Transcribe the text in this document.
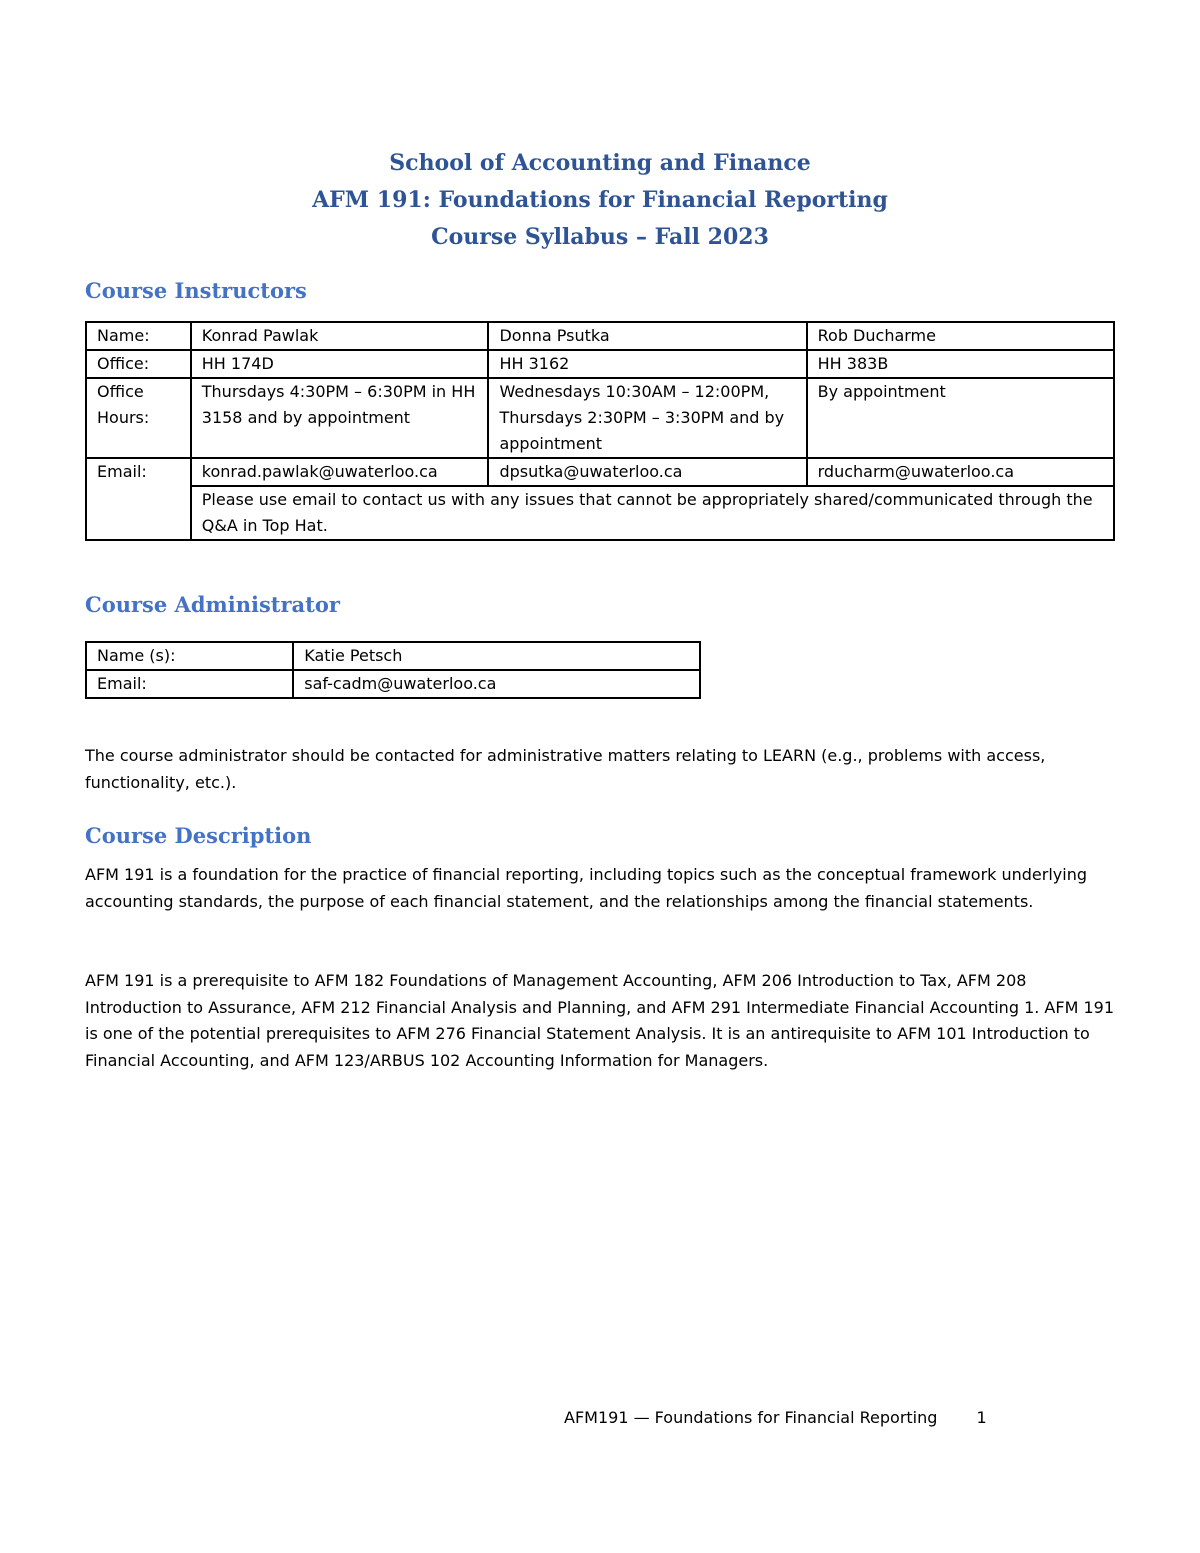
School of Accounting and Finance
AFM 191: Foundations for Financial Reporting
Course Syllabus – Fall 2023
Course Instructors
Name:	Konrad Pawlak	Donna Psutka	Rob Ducharme
Office:	HH 174D	HH 3162	HH 383B
Office Hours:	Thursdays 4:30PM – 6:30PM in HH 3158 and by appointment	Wednesdays 10:30AM – 12:00PM, Thursdays 2:30PM – 3:30PM and by appointment	By appointment
Email:	konrad.pawlak@uwaterloo.ca	dpsutka@uwaterloo.ca	rducharm@uwaterloo.ca
	Please use email to contact us with any issues that cannot be appropriately shared/communicated through the Q&A in Top Hat.		
Course Administrator
Name (s):	Katie Petsch
Email:	saf-cadm@uwaterloo.ca
The course administrator should be contacted for administrative matters relating to LEARN (e.g., problems with access, functionality, etc.).
Course Description
AFM 191 is a foundation for the practice of financial reporting, including topics such as the conceptual framework underlying accounting standards, the purpose of each financial statement, and the relationships among the financial statements.
AFM 191 is a prerequisite to AFM 182 Foundations of Management Accounting, AFM 206 Introduction to Tax, AFM 208 Introduction to Assurance, AFM 212 Financial Analysis and Planning, and AFM 291 Intermediate Financial Accounting 1. AFM 191 is one of the potential prerequisites to AFM 276 Financial Statement Analysis. It is an antirequisite to AFM 101 Introduction to Financial Accounting, and AFM 123/ARBUS 102 Accounting Information for Managers.
AFM191 — Foundations for Financial Reporting 1
